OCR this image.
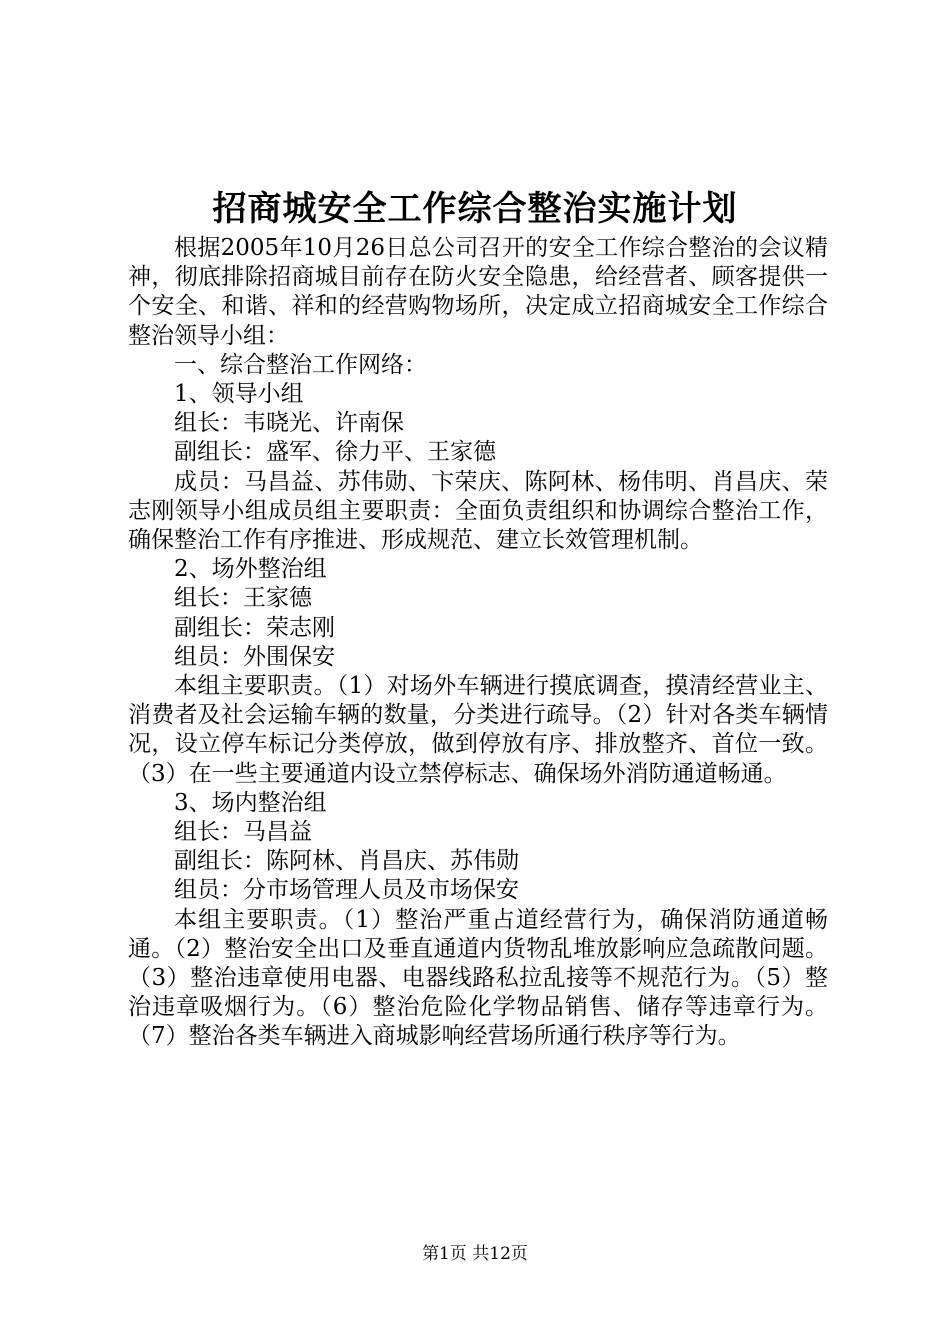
招商城安全工作综合整治实施计划

根据2005年10月26日总公司召开的安全工作综合整治的会议精神，彻底排除招商城目前存在防火安全隐患，给经营者、顾客提供一个安全、和谐、祥和的经营购物场所，决定成立招商城安全工作综合整治领导小组：

一、综合整治工作网络：

1、领导小组

组长：韦晓光、许南保

副组长：盛军、徐力平、王家德

成员：马昌益、苏伟勋、卞荣庆、陈阿林、杨伟明、肖昌庆、荣志刚领导小组成员组主要职责：全面负责组织和协调综合整治工作，确保整治工作有序推进、形成规范、建立长效管理机制。

2、场外整治组

组长：王家德

副组长：荣志刚

组员：外围保安

本组主要职责。（1）对场外车辆进行摸底调查，摸清经营业主、消费者及社会运输车辆的数量，分类进行疏导。（2）针对各类车辆情况，设立停车标记分类停放，做到停放有序、排放整齐、首位一致。（3）在一些主要通道内设立禁停标志、确保场外消防通道畅通。

3、场内整治组

组长：马昌益

副组长：陈阿林、肖昌庆、苏伟勋

组员：分市场管理人员及市场保安

本组主要职责。（1）整治严重占道经营行为，确保消防通道畅通。（2）整治安全出口及垂直通道内货物乱堆放影响应急疏散问题。（3）整治违章使用电器、电器线路私拉乱接等不规范行为。（5）整治违章吸烟行为。（6）整治危险化学物品销售、储存等违章行为。（7）整治各类车辆进入商城影响经营场所通行秩序等行为。

第1页 共12页
